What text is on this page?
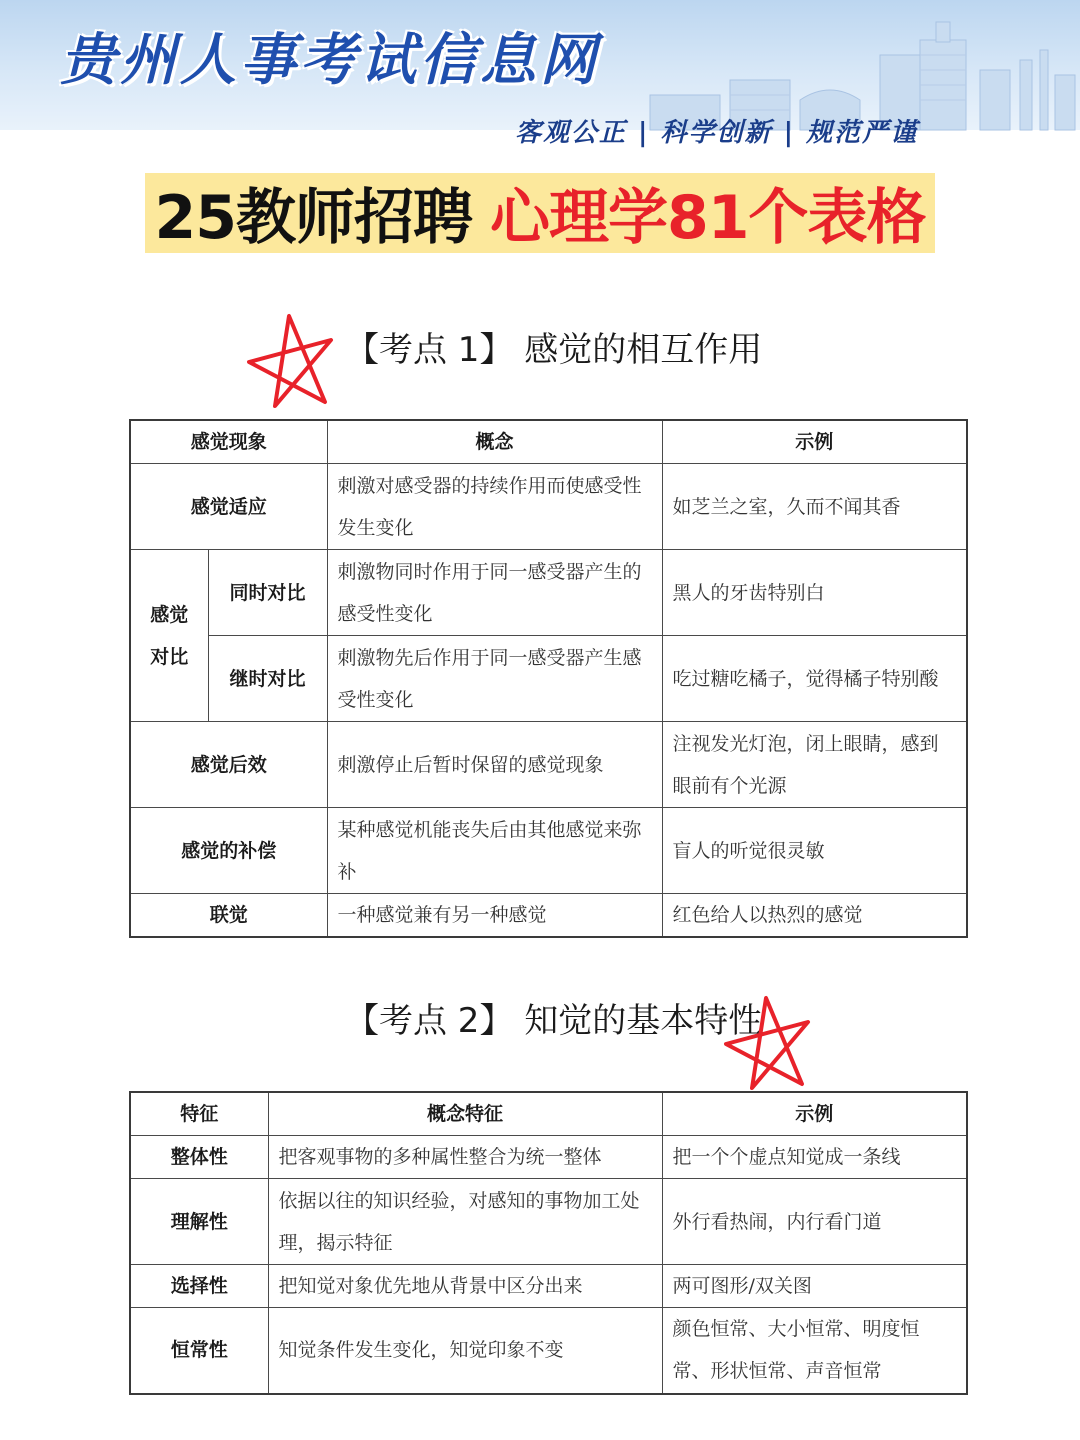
贵州人事考试信息网
客观公正 | 科学创新 | 规范严谨
25教师招聘 心理学81个表格
【考点 1】 感觉的相互作用
感觉现象		概念	示例
感觉适应		刺激对感受器的持续作用而使感受性发生变化	如芝兰之室，久而不闻其香
感觉对比	同时对比	刺激物同时作用于同一感受器产生的感受性变化	黑人的牙齿特别白
	继时对比	刺激物先后作用于同一感受器产生感受性变化	吃过糖吃橘子，觉得橘子特别酸
感觉后效		刺激停止后暂时保留的感觉现象	注视发光灯泡，闭上眼睛，感到眼前有个光源
感觉的补偿		某种感觉机能丧失后由其他感觉来弥补	盲人的听觉很灵敏
联觉		一种感觉兼有另一种感觉	红色给人以热烈的感觉
【考点 2】 知觉的基本特性
特征	概念特征	示例
整体性	把客观事物的多种属性整合为统一整体	把一个个虚点知觉成一条线
理解性	依据以往的知识经验，对感知的事物加工处理，揭示特征	外行看热闹，内行看门道
选择性	把知觉对象优先地从背景中区分出来	两可图形/双关图
恒常性	知觉条件发生变化，知觉印象不变	颜色恒常、大小恒常、明度恒常、形状恒常、声音恒常
